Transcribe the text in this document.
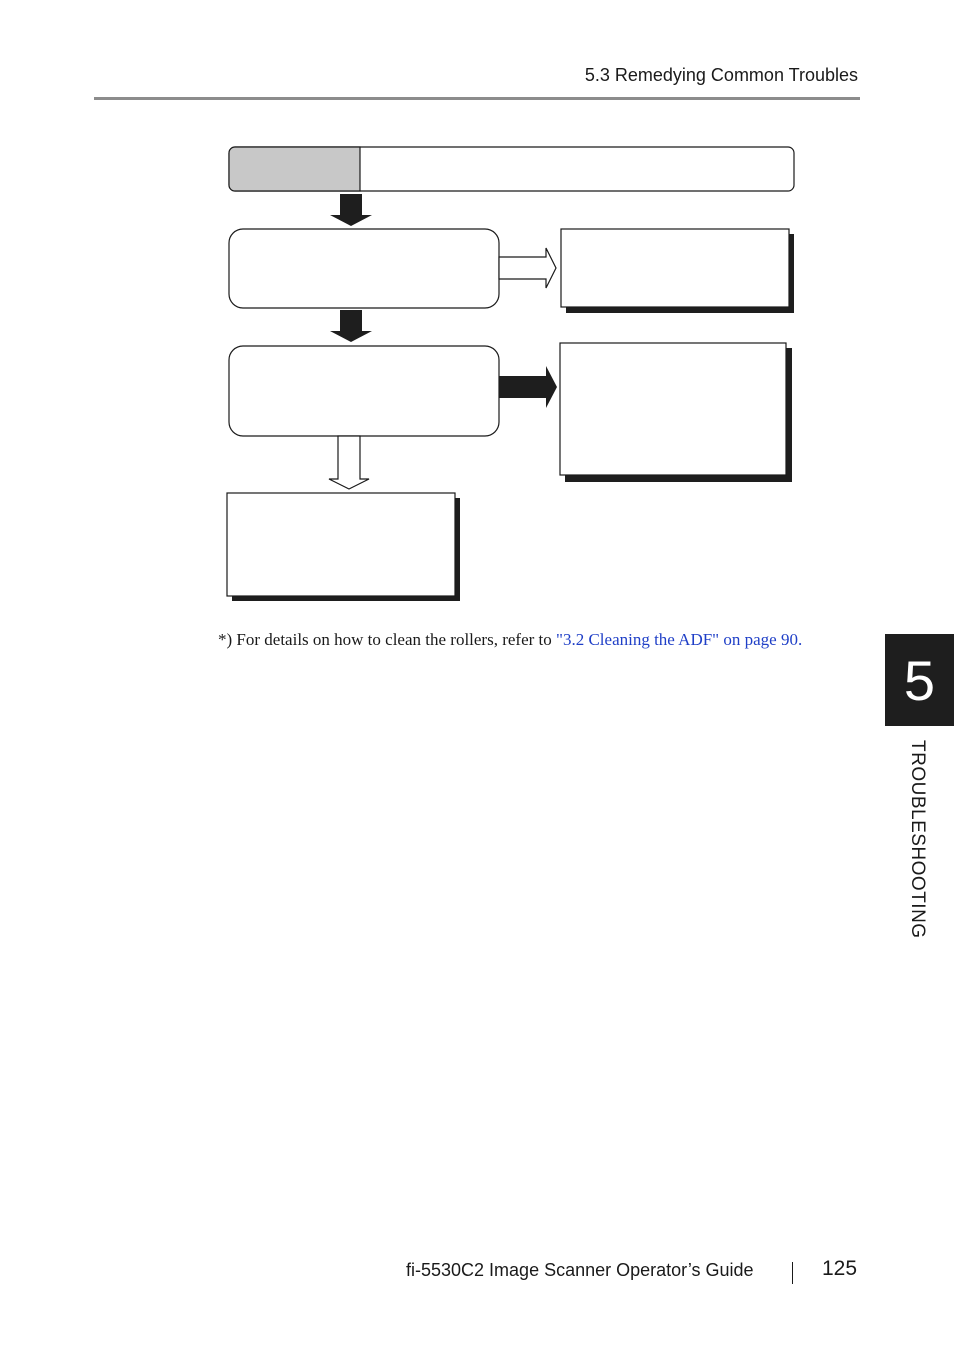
5.3 Remedying Common Troubles
*) For details on how to clean the rollers, refer to "3.2 Cleaning the ADF" on page 90.
5
TROUBLESHOOTING
fi-5530C2 Image Scanner Operator’s Guide	125
